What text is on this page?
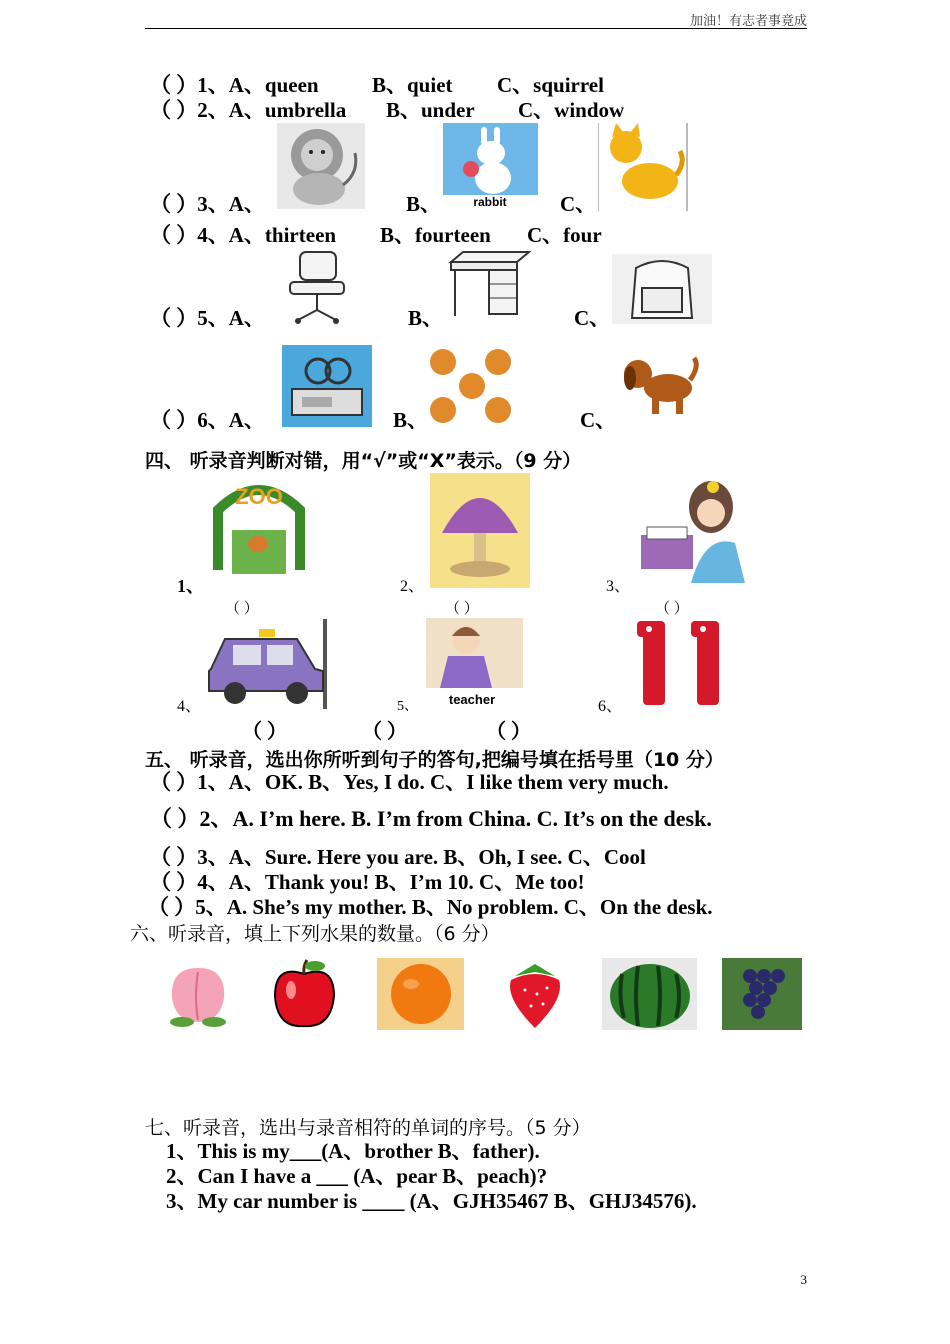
加油！有志者事竟成
（ ）1、A、queen	B、quiet C、squirrel
（ ）2、A、umbrella B、under C、window
rabbit
（ ）3、A、	B、	C、
（ ）4、A、thirteen B、fourteen C、four
（ ）5、A、	B、	C、
（ ）6、A、	B、	C、
四、 听录音判断对错，用“√”或“X”表示。（9 分）
ZOO
1、	2、	3、
（ ）	（ ）	（ ）
teacher
4、	5、	6、
（ ）	（ ）	（ ）
五、 听录音，选出你所听到句子的答句,把编号填在括号里（10 分）
（ ）1、A、OK. B、Yes, I do. C、I like them very much.
（ ）2、A. I’m here. B. I’m from China. C. It’s on the desk.
（ ）3、A、Sure. Here you are. B、Oh, I see. C、Cool
（ ）4、A、Thank you! B、I’m 10. C、Me too!
（ ）5、A. She’s my mother. B、No problem. C、On the desk.
六、听录音，填上下列水果的数量。（6 分）
七、听录音，选出与录音相符的单词的序号。（5 分）
1、This is my___(A、brother B、father).
2、Can I have a ___ (A、pear B、peach)?
3、My car number is ____ (A、GJH35467 B、GHJ34576).
3
